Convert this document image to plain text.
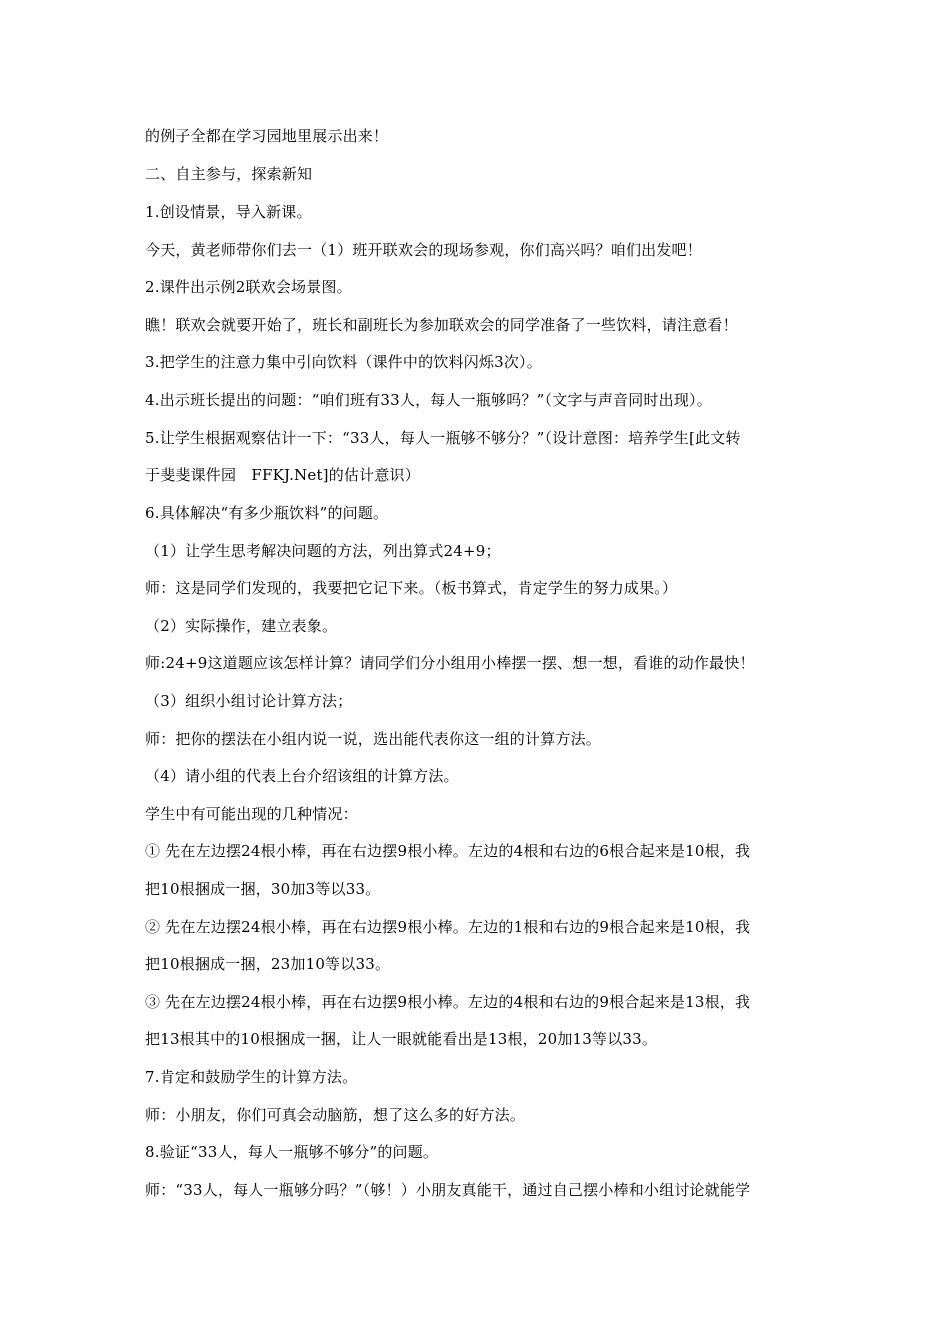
的例子全都在学习园地里展示出来！
二、自主参与，探索新知
1.创设情景，导入新课。
今天，黄老师带你们去一（1）班开联欢会的现场参观，你们高兴吗？咱们出发吧！
2.课件出示例2联欢会场景图。
瞧！联欢会就要开始了，班长和副班长为参加联欢会的同学准备了一些饮料，请注意看！
3.把学生的注意力集中引向饮料（课件中的饮料闪烁3次）。
4.出示班长提出的问题：“咱们班有33人，每人一瓶够吗？”（文字与声音同时出现）。
5.让学生根据观察估计一下：“33人，每人一瓶够不够分？”（设计意图：培养学生[此文转
于斐斐课件园　FFKJ.Net]的估计意识）
6.具体解决“有多少瓶饮料”的问题。
（1）让学生思考解决问题的方法，列出算式24+9；
师：这是同学们发现的，我要把它记下来。（板书算式，肯定学生的努力成果。）
（2）实际操作，建立表象。
师:24+9这道题应该怎样计算？请同学们分小组用小棒摆一摆、想一想，看谁的动作最快！
（3）组织小组讨论计算方法；
师：把你的摆法在小组内说一说，选出能代表你这一组的计算方法。
（4）请小组的代表上台介绍该组的计算方法。
学生中有可能出现的几种情况：
① 先在左边摆24根小棒，再在右边摆9根小棒。左边的4根和右边的6根合起来是10根，我
把10根捆成一捆，30加3等以33。
② 先在左边摆24根小棒，再在右边摆9根小棒。左边的1根和右边的9根合起来是10根，我
把10根捆成一捆，23加10等以33。
③ 先在左边摆24根小棒，再在右边摆9根小棒。左边的4根和右边的9根合起来是13根，我
把13根其中的10根捆成一捆，让人一眼就能看出是13根，20加13等以33。
7.肯定和鼓励学生的计算方法。
师：小朋友，你们可真会动脑筋，想了这么多的好方法。
8.验证“33人，每人一瓶够不够分”的问题。
师：“33人，每人一瓶够分吗？”（够！）小朋友真能干，通过自己摆小棒和小组讨论就能学
